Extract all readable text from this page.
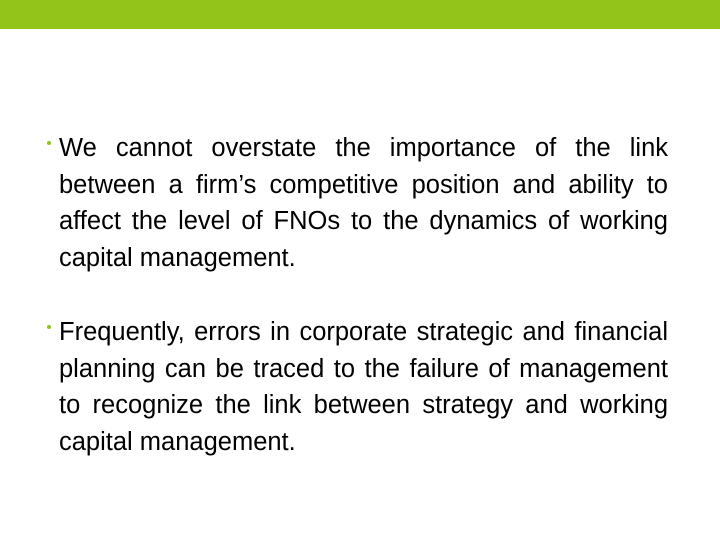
We cannot overstate the importance of the link between a firm’s competitive position and ability to affect the level of FNOs to the dynamics of working capital management.
Frequently, errors in corporate strategic and financial planning can be traced to the failure of management to recognize the link between strategy and working capital management.
